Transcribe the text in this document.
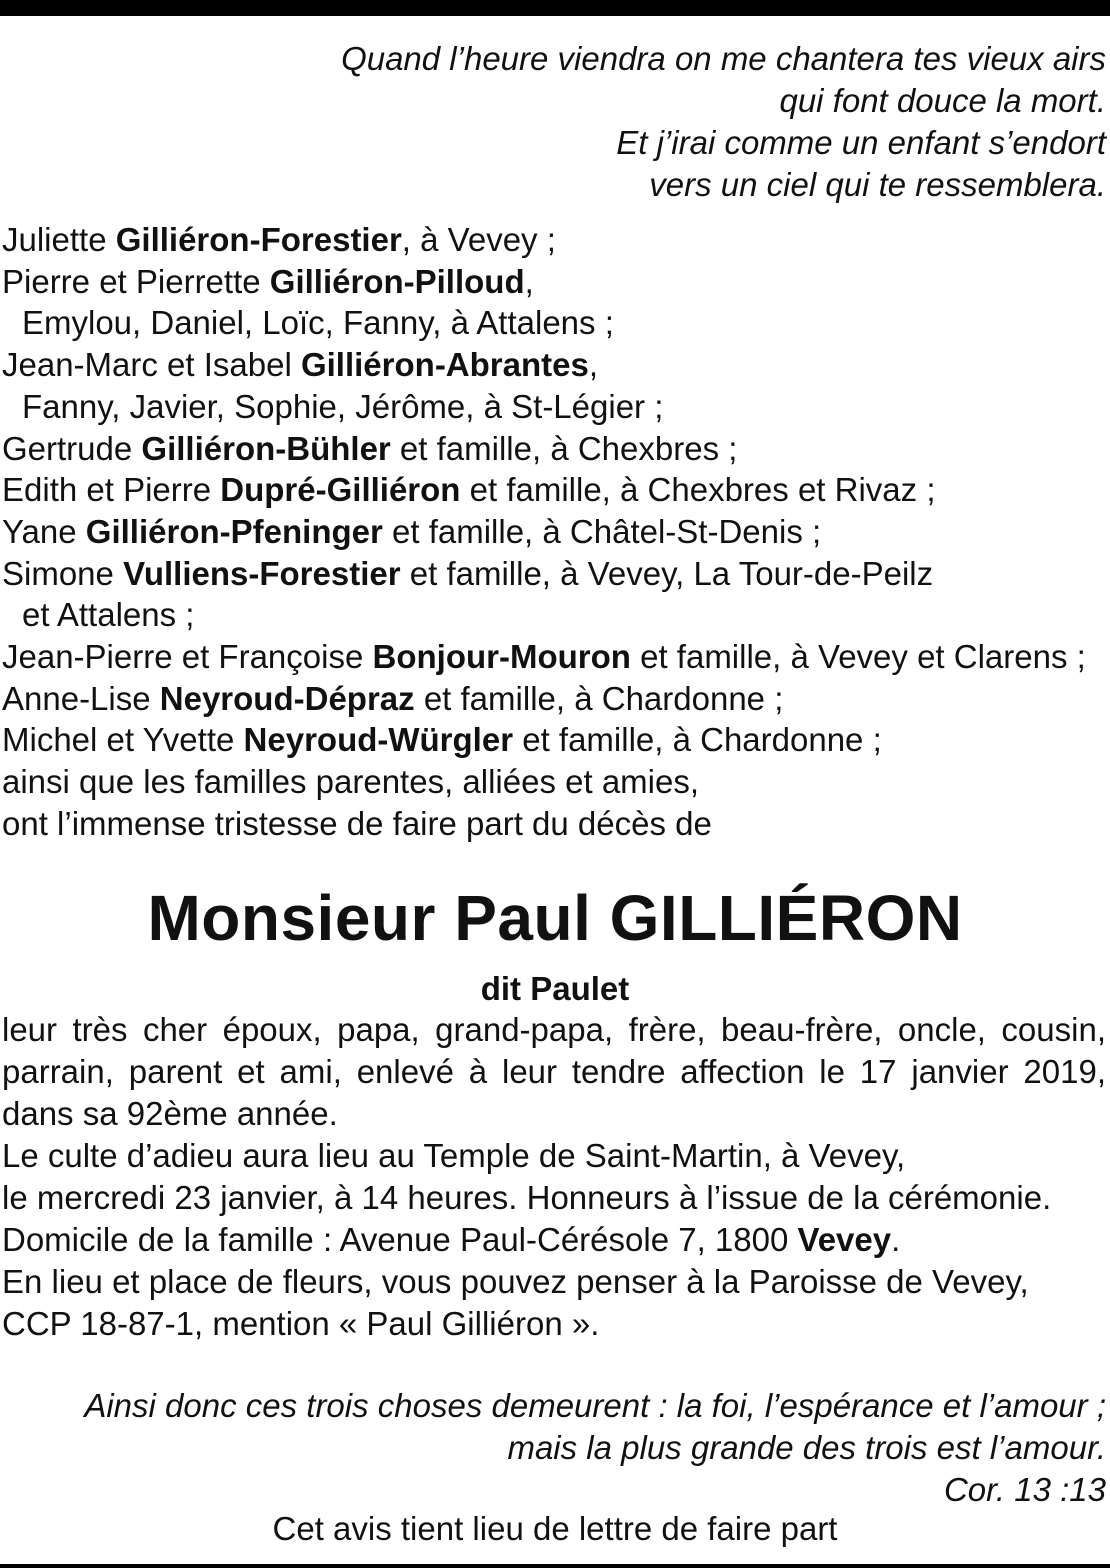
Quand l’heure viendra on me chantera tes vieux airs
qui font douce la mort.
Et j’irai comme un enfant s’endort
vers un ciel qui te ressemblera.
Juliette Gilliéron-Forestier, à Vevey ;
Pierre et Pierrette Gilliéron-Pilloud,
Emylou, Daniel, Loïc, Fanny, à Attalens ;
Jean-Marc et Isabel Gilliéron-Abrantes,
Fanny, Javier, Sophie, Jérôme, à St-Légier ;
Gertrude Gilliéron-Bühler et famille, à Chexbres ;
Edith et Pierre Dupré-Gilliéron et famille, à Chexbres et Rivaz ;
Yane Gilliéron-Pfeninger et famille, à Châtel-St-Denis ;
Simone Vulliens-Forestier et famille, à Vevey, La Tour-de-Peilz
et Attalens ;
Jean-Pierre et Françoise Bonjour-Mouron et famille, à Vevey et Clarens ;
Anne-Lise Neyroud-Dépraz et famille, à Chardonne ;
Michel et Yvette Neyroud-Würgler et famille, à Chardonne ;
ainsi que les familles parentes, alliées et amies,
ont l’immense tristesse de faire part du décès de
Monsieur Paul GILLIÉRON
dit Paulet
leur très cher époux, papa, grand-papa, frère, beau-frère, oncle, cousin,
parrain, parent et ami, enlevé à leur tendre affection le 17 janvier 2019,
dans sa 92ème année.
Le culte d’adieu aura lieu au Temple de Saint-Martin, à Vevey,
le mercredi 23 janvier, à 14 heures. Honneurs à l’issue de la cérémonie.
Domicile de la famille : Avenue Paul-Cérésole 7, 1800 Vevey.
En lieu et place de fleurs, vous pouvez penser à la Paroisse de Vevey,
CCP 18-87-1, mention « Paul Gilliéron ».
Ainsi donc ces trois choses demeurent : la foi, l’espérance et l’amour ;
mais la plus grande des trois est l’amour.
Cor. 13 :13
Cet avis tient lieu de lettre de faire part
